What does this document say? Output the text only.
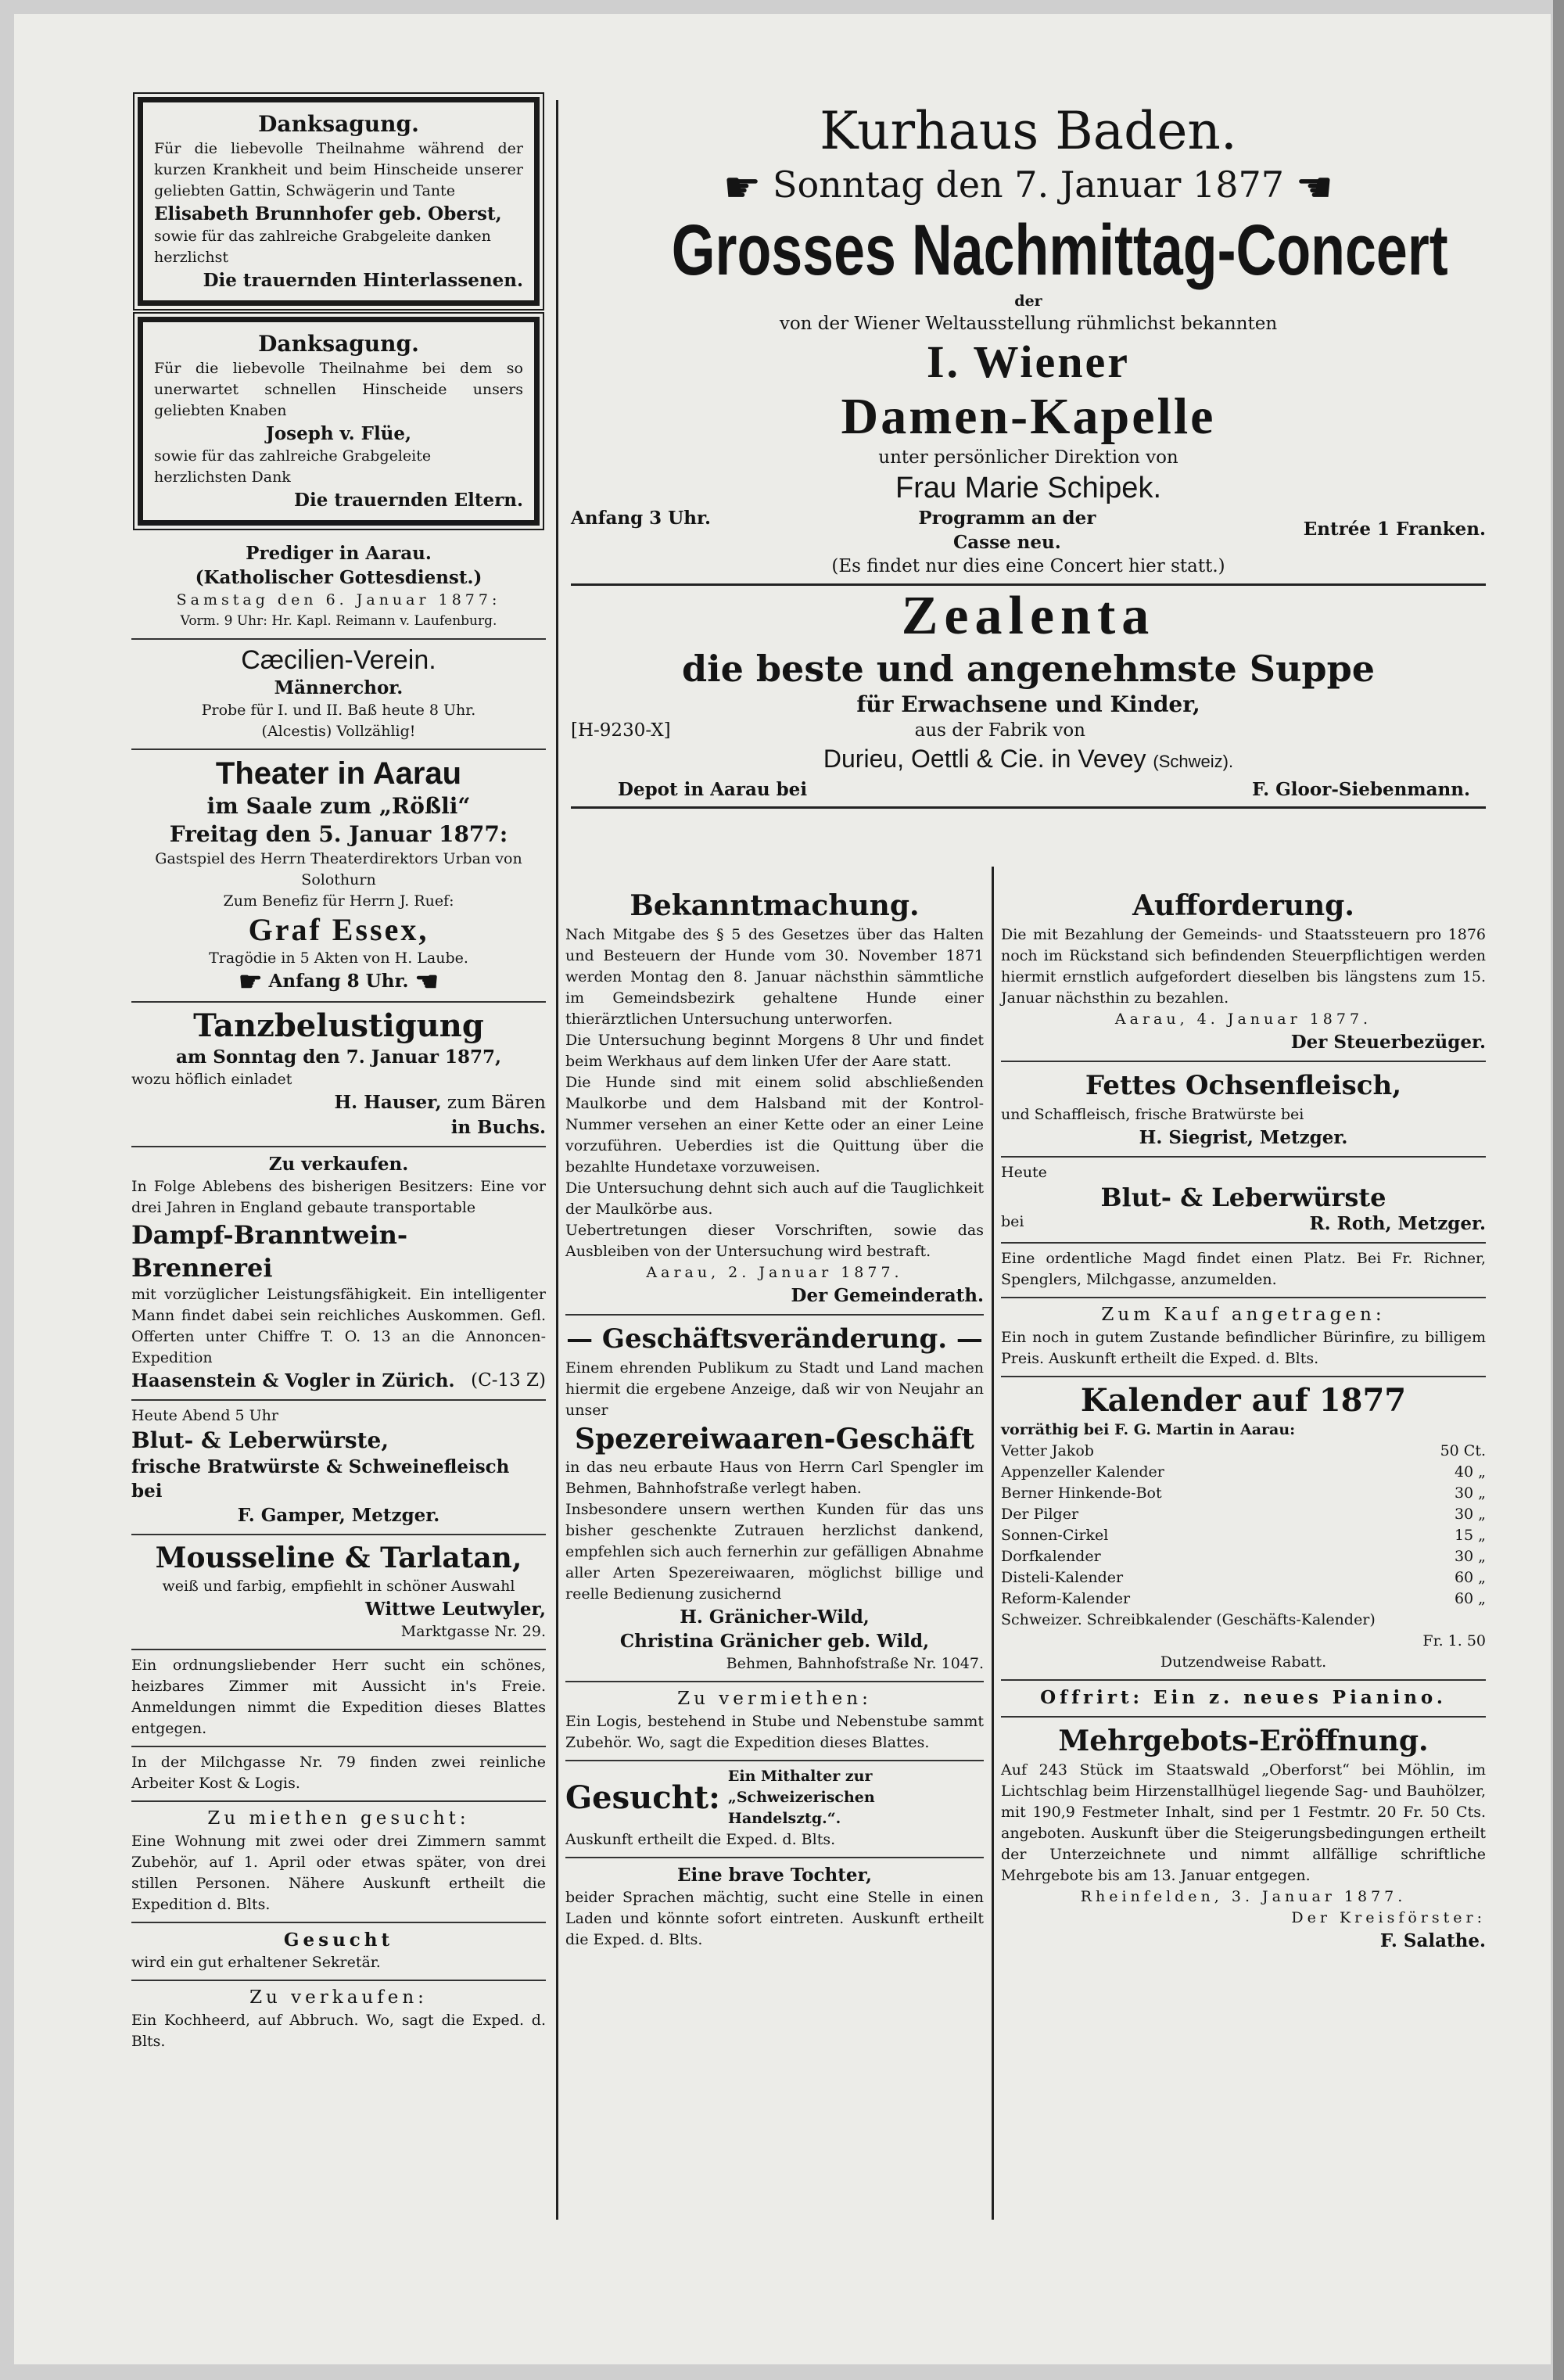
Danksagung.
Für die liebevolle Theilnahme während der kurzen Krankheit und beim Hinscheide unserer geliebten Gattin, Schwägerin und Tante
Elisabeth Brunnhofer geb. Oberst,
sowie für das zahlreiche Grabgeleite danken herzlichst
Die trauernden Hinterlassenen.
Danksagung.
Für die liebevolle Theilnahme bei dem so unerwartet schnellen Hinscheide unsers geliebten Knaben
Joseph v. Flüe,
sowie für das zahlreiche Grabgeleite herzlichsten Dank
Die trauernden Eltern.
Prediger in Aarau.
(Katholischer Gottesdienst.)
Samstag den 6. Januar 1877:
Vorm. 9 Uhr: Hr. Kapl. Reimann v. Laufenburg.
Cæcilien-Verein.
Männerchor.
Probe für I. und II. Baß heute 8 Uhr.
(Alcestis) Vollzählig!
Theater in Aarau
im Saale zum „Rößli“
Freitag den 5. Januar 1877:
Gastspiel des Herrn Theaterdirektors Urban von Solothurn
Zum Benefiz für Herrn J. Ruef:
Graf Essex,
Tragödie in 5 Akten von H. Laube.
☛ Anfang 8 Uhr. ☚
Tanzbelustigung
am Sonntag den 7. Januar 1877,
wozu höflich einladet
H. Hauser, zum Bären
in Buchs.
Zu verkaufen.
In Folge Ablebens des bisherigen Besitzers: Eine vor drei Jahren in England gebaute transportable
Dampf-Branntwein-Brennerei
mit vorzüglicher Leistungsfähigkeit. Ein intelligenter Mann findet dabei sein reichliches Auskommen. Gefl. Offerten unter Chiffre T. O. 13 an die Annoncen-Expedition
Haasenstein & Vogler in Zürich. (C-13 Z)
Heute Abend 5 Uhr
Blut- & Leberwürste,
frische Bratwürste & Schweinefleisch bei
F. Gamper, Metzger.
Mousseline & Tarlatan,
weiß und farbig, empfiehlt in schöner Auswahl
Wittwe Leutwyler,
Marktgasse Nr. 29.
Ein ordnungsliebender Herr sucht ein schönes, heizbares Zimmer mit Aussicht in's Freie. Anmeldungen nimmt die Expedition dieses Blattes entgegen.
In der Milchgasse Nr. 79 finden zwei reinliche Arbeiter Kost & Logis.
Zu miethen gesucht:
Eine Wohnung mit zwei oder drei Zimmern sammt Zubehör, auf 1. April oder etwas später, von drei stillen Personen. Nähere Auskunft ertheilt die Expedition d. Blts.
Gesucht
wird ein gut erhaltener Sekretär.
Zu verkaufen:
Ein Kochheerd, auf Abbruch. Wo, sagt die Exped. d. Blts.
Kurhaus Baden.
☛ Sonntag den 7. Januar 1877 ☚
Grosses Nachmittag-Concert
der
von der Wiener Weltausstellung rühmlichst bekannten
I. Wiener
Damen-Kapelle
unter persönlicher Direktion von
Frau Marie Schipek.
Anfang 3 Uhr.	Programm an der
Casse neu.
Entrée 1 Franken.
(Es findet nur dies eine Concert hier statt.)
Zealenta
die beste und angenehmste Suppe
für Erwachsene und Kinder,
[H-9230-X]	aus der Fabrik von
Durieu, Oettli & Cie. in Vevey (Schweiz).
Depot in Aarau bei	F. Gloor-Siebenmann.
Bekanntmachung.
Nach Mitgabe des § 5 des Gesetzes über das Halten und Besteuern der Hunde vom 30. November 1871 werden Montag den 8. Januar nächsthin sämmtliche im Gemeindsbezirk gehaltene Hunde einer thierärztlichen Untersuchung unterworfen.
Die Untersuchung beginnt Morgens 8 Uhr und findet beim Werkhaus auf dem linken Ufer der Aare statt.
Die Hunde sind mit einem solid abschließenden Maulkorbe und dem Halsband mit der Kontrol-Nummer versehen an einer Kette oder an einer Leine vorzuführen. Ueberdies ist die Quittung über die bezahlte Hundetaxe vorzuweisen.
Die Untersuchung dehnt sich auch auf die Tauglichkeit der Maulkörbe aus.
Uebertretungen dieser Vorschriften, sowie das Ausbleiben von der Untersuchung wird bestraft.
Aarau, 2. Januar 1877.
Der Gemeinderath.
— Geschäftsveränderung. —
Einem ehrenden Publikum zu Stadt und Land machen hiermit die ergebene Anzeige, daß wir von Neujahr an unser
Spezereiwaaren-Geschäft
in das neu erbaute Haus von Herrn Carl Spengler im Behmen, Bahnhofstraße verlegt haben.
Insbesondere unsern werthen Kunden für das uns bisher geschenkte Zutrauen herzlichst dankend, empfehlen sich auch fernerhin zur gefälligen Abnahme aller Arten Spezereiwaaren, möglichst billige und reelle Bedienung zusichernd
H. Gränicher-Wild,
Christina Gränicher geb. Wild,
Behmen, Bahnhofstraße Nr. 1047.
Zu vermiethen:
Ein Logis, bestehend in Stube und Nebenstube sammt Zubehör. Wo, sagt die Expedition dieses Blattes.
Gesucht:
Ein Mithalter zur „Schweizerischen Handelsztg.“.
Auskunft ertheilt die Exped. d. Blts.
Eine brave Tochter,
beider Sprachen mächtig, sucht eine Stelle in einen Laden und könnte sofort eintreten. Auskunft ertheilt die Exped. d. Blts.
Aufforderung.
Die mit Bezahlung der Gemeinds- und Staatssteuern pro 1876 noch im Rückstand sich befindenden Steuerpflichtigen werden hiermit ernstlich aufgefordert dieselben bis längstens zum 15. Januar nächsthin zu bezahlen.
Aarau, 4. Januar 1877.
Der Steuerbezüger.
Fettes Ochsenfleisch,
und Schaffleisch, frische Bratwürste bei
H. Siegrist, Metzger.
Heute
Blut- & Leberwürste
bei	R. Roth, Metzger.
Eine ordentliche Magd findet einen Platz. Bei Fr. Richner, Spenglers, Milchgasse, anzumelden.
Zum Kauf angetragen:
Ein noch in gutem Zustande befindlicher Bürinfire, zu billigem Preis. Auskunft ertheilt die Exped. d. Blts.
Kalender auf 1877
vorräthig bei F. G. Martin in Aarau:
Vetter Jakob	50 Ct.
Appenzeller Kalender	40 „
Berner Hinkende-Bot	30 „
Der Pilger	30 „
Sonnen-Cirkel	15 „
Dorfkalender	30 „
Disteli-Kalender	60 „
Reform-Kalender	60 „
Schweizer. Schreibkalender (Geschäfts-Kalender)
Fr. 1. 50
Dutzendweise Rabatt.
Offrirt: Ein z. neues Pianino.
Mehrgebots-Eröffnung.
Auf 243 Stück im Staatswald „Oberforst“ bei Möhlin, im Lichtschlag beim Hirzenstallhügel liegende Sag- und Bauhölzer, mit 190,9 Festmeter Inhalt, sind per 1 Festmtr. 20 Fr. 50 Cts. angeboten. Auskunft über die Steigerungsbedingungen ertheilt der Unterzeichnete und nimmt allfällige schriftliche Mehrgebote bis am 13. Januar entgegen.
Rheinfelden, 3. Januar 1877.
Der Kreisförster:
F. Salathe.
